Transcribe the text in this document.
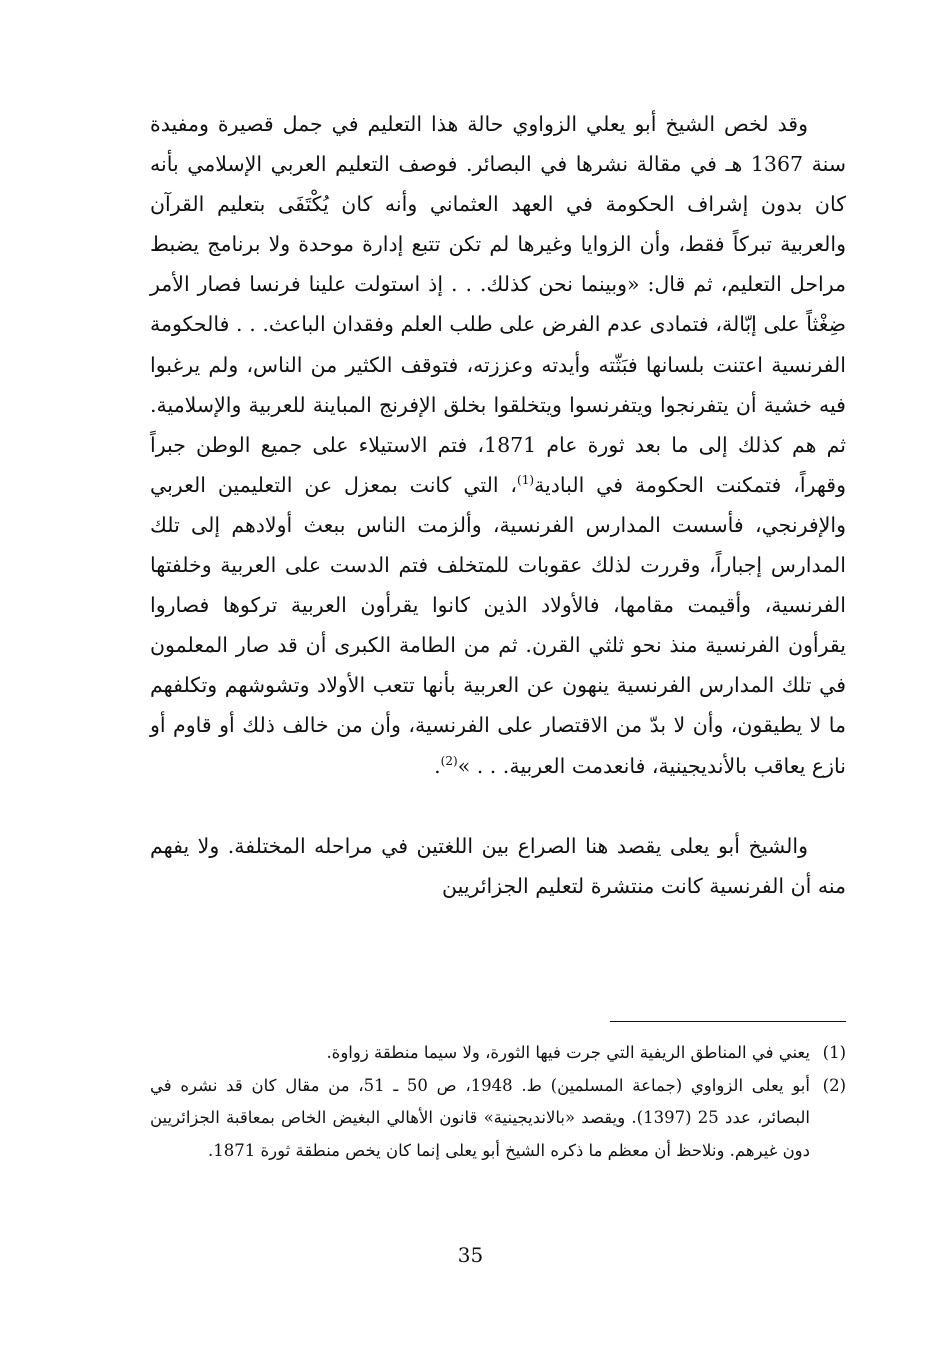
وقد لخص الشيخ أبو يعلي الزواوي حالة هذا التعليم في جمل قصيرة ومفيدة سنة 1367 هـ في مقالة نشرها في البصائر. فوصف التعليم العربي الإسلامي بأنه كان بدون إشراف الحكومة في العهد العثماني وأنه كان يُكْتَفَى بتعليم القرآن والعربية تبركاً فقط، وأن الزوايا وغيرها لم تكن تتبع إدارة موحدة ولا برنامج يضبط مراحل التعليم، ثم قال: «وبينما نحن كذلك. . . إذ استولت علينا فرنسا فصار الأمر ضِغْثاً على إبّالة، فتمادى عدم الفرض على طلب العلم وفقدان الباعث. . . فالحكومة الفرنسية اعتنت بلسانها فبَثّته وأيدته وعززته، فتوقف الكثير من الناس، ولم يرغبوا فيه خشية أن يتفرنجوا ويتفرنسوا ويتخلقوا بخلق الإفرنج المباينة للعربية والإسلامية. ثم هم كذلك إلى ما بعد ثورة عام 1871، فتم الاستيلاء على جميع الوطن جبراً وقهراً، فتمكنت الحكومة في البادية$^{(1)}$، التي كانت بمعزل عن التعليمين العربي والإفرنجي، فأسست المدارس الفرنسية، وألزمت الناس ببعث أولادهم إلى تلك المدارس إجباراً، وقررت لذلك عقوبات للمتخلف فتم الدست على العربية وخلفتها الفرنسية، وأقيمت مقامها، فالأولاد الذين كانوا يقرأون العربية تركوها فصاروا يقرأون الفرنسية منذ نحو ثلثي القرن. ثم من الطامة الكبرى أن قد صار المعلمون في تلك المدارس الفرنسية ينهون عن العربية بأنها تتعب الأولاد وتشوشهم وتكلفهم ما لا يطيقون، وأن لا بدّ من الاقتصار على الفرنسية، وأن من خالف ذلك أو قاوم أو نازع يعاقب بالأنديجينية، فانعدمت العربية. . . »$^{(2)}$.

والشيخ أبو يعلى يقصد هنا الصراع بين اللغتين في مراحله المختلفة. ولا يفهم منه أن الفرنسية كانت منتشرة لتعليم الجزائريين

(1)
يعني في المناطق الريفية التي جرت فيها الثورة، ولا سيما منطقة زواوة.
(2)
أبو يعلى الزواوي (جماعة المسلمين) ط. 1948، ص 50 ـ 51، من مقال كان قد نشره في البصائر، عدد 25 (1397). ويقصد «بالانديجينية» قانون الأهالي البغيض الخاص بمعاقبة الجزائريين دون غيرهم. ونلاحظ أن معظم ما ذكره الشيخ أبو يعلى إنما كان يخص منطقة ثورة 1871.
35
